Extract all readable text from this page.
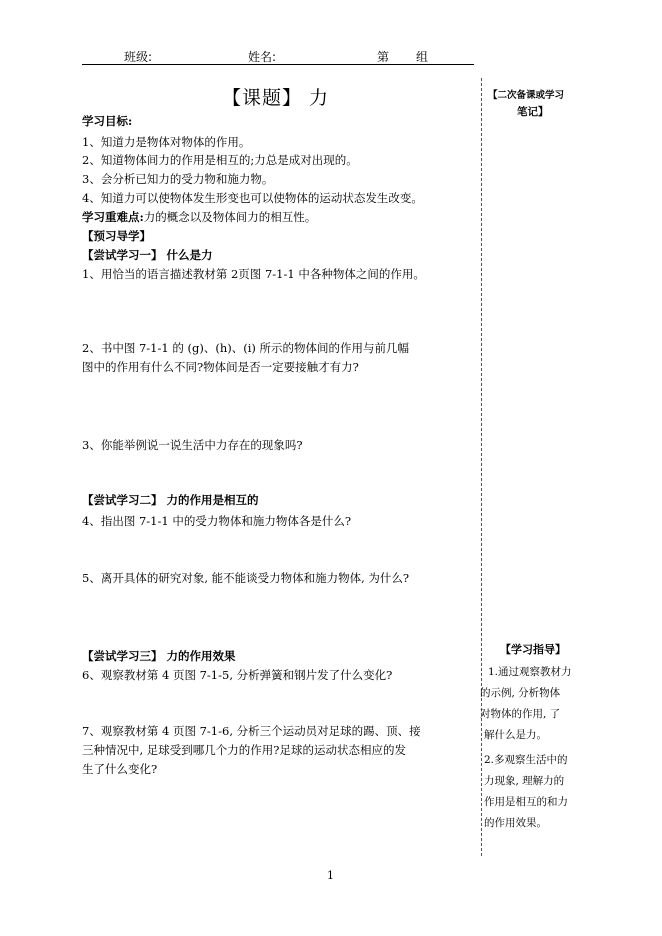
班级:	姓名:	第 组
【课题】 力
学习目标:
1、知道力是物体对物体的作用。
2、知道物体间力的作用是相互的;力总是成对出现的。
3、会分析已知力的受力物和施力物。
4、知道力可以使物体发生形变也可以使物体的运动状态发生改变。
学习重难点:力的概念以及物体间力的相互性。
【预习导学】
【尝试学习一】 什么是力
1、用恰当的语言描述教材第 2页图 7-1-1 中各种物体之间的作用。
2、书中图 7-1-1 的 (g)、(h)、(i) 所示的物体间的作用与前几幅
图中的作用有什么不同?物体间是否一定要接触才有力?
3、你能举例说一说生活中力存在的现象吗?
【尝试学习二】 力的作用是相互的
4、指出图 7-1-1 中的受力物体和施力物体各是什么?
5、离开具体的研究对象, 能不能谈受力物体和施力物体, 为什么?
【尝试学习三】 力的作用效果
6、观察教材第 4 页图 7-1-5, 分析弹簧和钢片发了什么变化?
7、观察教材第 4 页图 7-1-6, 分析三个运动员对足球的踢、顶、接
三种情况中, 足球受到哪几个力的作用?足球的运动状态相应的发
生了什么变化?
【二次备课或学习
笔记】
【学习指导】
1.通过观察教材力
的示例, 分析物体
对物体的作用, 了
解什么是力。
2.多观察生活中的
力现象, 理解力的
作用是相互的和力
的作用效果。
1
